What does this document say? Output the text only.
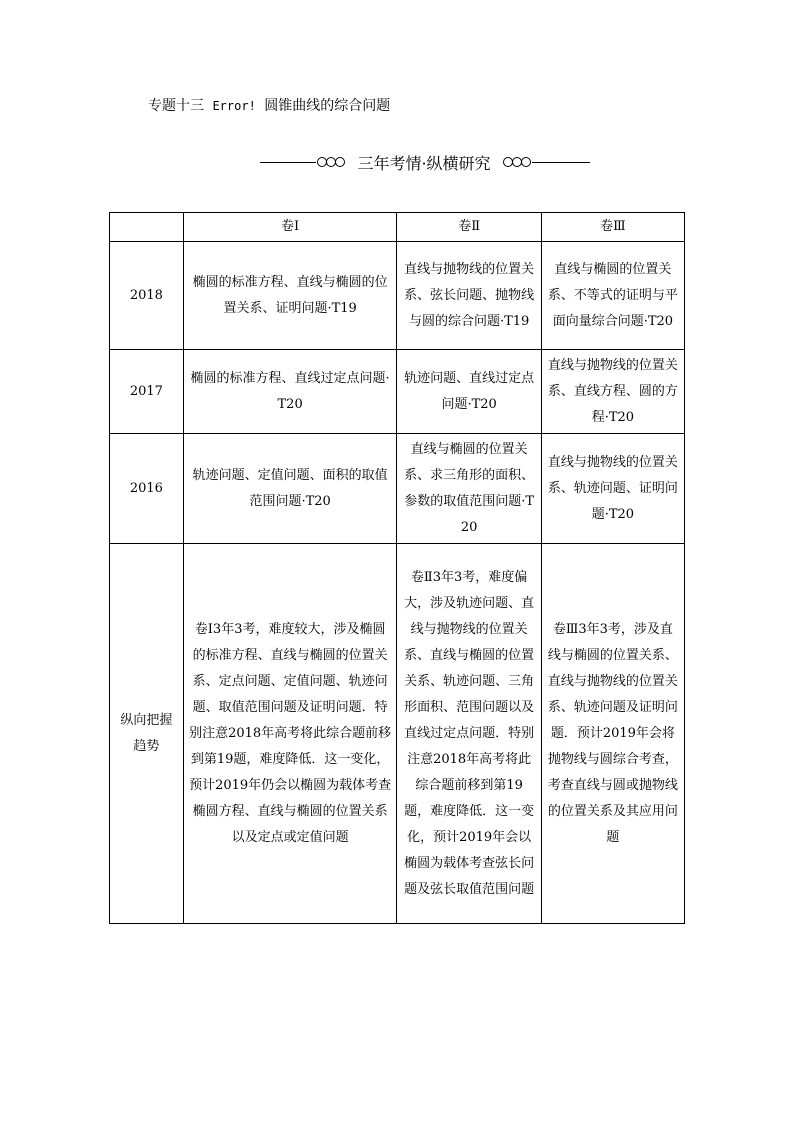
专题十三 Error! 圆锥曲线的综合问题
三年考情·纵横研究
	卷Ⅰ	卷Ⅱ	卷Ⅲ
2018	椭圆的标准方程、直线与椭圆的位置关系、证明问题·T19	直线与抛物线的位置关系、弦长问题、抛物线与圆的综合问题·T19	直线与椭圆的位置关系、不等式的证明与平面向量综合问题·T20
2017	椭圆的标准方程、直线过定点问题·T20	轨迹问题、直线过定点问题·T20	直线与抛物线的位置关系、直线方程、圆的方程·T20
2016	轨迹问题、定值问题、面积的取值范围问题·T20	直线与椭圆的位置关系、求三角形的面积、参数的取值范围问题·T20	直线与抛物线的位置关系、轨迹问题、证明问题·T20
纵向把握趋势	卷Ⅰ3年3考，难度较大，涉及椭圆的标准方程、直线与椭圆的位置关系、定点问题、定值问题、轨迹问题、取值范围问题及证明问题．特别注意2018年高考将此综合题前移到第19题，难度降低．这一变化，预计2019年仍会以椭圆为载体考查椭圆方程、直线与椭圆的位置关系以及定点或定值问题	卷Ⅱ3年3考，难度偏大，涉及轨迹问题、直线与抛物线的位置关系、直线与椭圆的位置关系、轨迹问题、三角形面积、范围问题以及直线过定点问题．特别注意2018年高考将此综合题前移到第19题，难度降低．这一变化，预计2019年会以椭圆为载体考查弦长问题及弦长取值范围问题	卷Ⅲ3年3考，涉及直线与椭圆的位置关系、直线与抛物线的位置关系、轨迹问题及证明问题．预计2019年会将抛物线与圆综合考查，考查直线与圆或抛物线的位置关系及其应用问题
